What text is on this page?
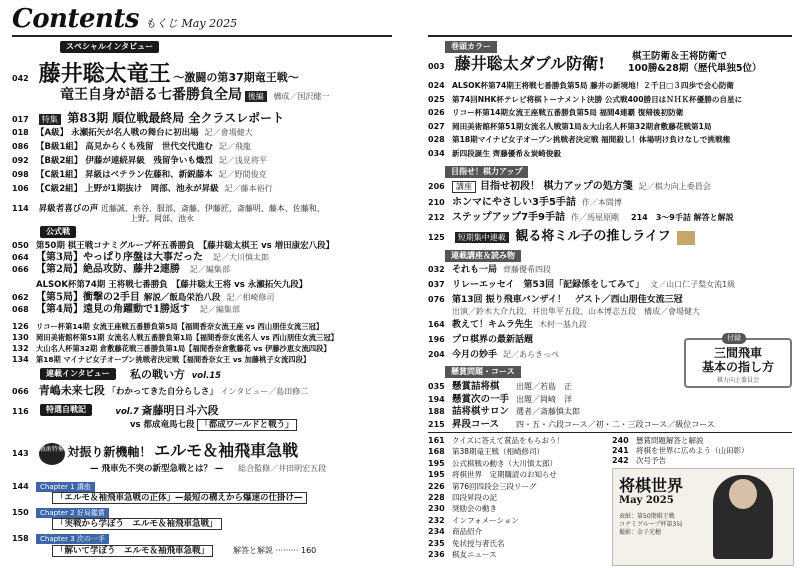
Contents もくじ May 2025
スペシャルインタビュー
042 藤井聡太竜王 〜激闘の第37期竜王戦〜
竜王自身が語る七番勝負全局 後編 構成／国沢健一
017 特集 第83期 順位戦最終局 全クラスレポート
114 昇級者喜びの声 近藤誠、糸谷、服部、斎藤、伊藤匠、斎藤明、藤本、佐藤和、
上野、岡部、池永
公式戦
連載インタビュー	私の戦い方 vol.15
066 青嶋未来七段 「わかってきた自分らしさ」 インタビュー／島田修二
特選自戦記
116	vol.7 斎藤明日斗六段
vs 都成竜馬七段 「都成ワールドと戦う」
143 戦術特集 対振り新機軸！ エルモ＆袖飛車急戦
— 飛車先不突の新型急戦とは？ — 総合監修／井田明宏五段
巻頭カラー
003 藤井聡太ダブル防衛!	棋王防衛＆王将防衛で
100勝&28期（歴代単独5位）
目指せ！棋力アップ
125 短期集中連載 観る将ミル子の推しライフ
連載講座＆読み物
付録
三間飛車
基本の指し方
棋力向上委員会
懸賞問題・コース
将棋世界
May 2025
表紙：第50期棋王戦
コナミグループ杯第3局
撮影：金子光穂
018 【A級】 永瀬拓矢が名人戦の舞台に初出場 記／會場健大
086 【B級1組】 高見からくも残留　世代交代進む 記／飛龍
092 【B級2組】 伊藤が連続昇級　残留争いも熾烈 記／浅見将平
098 【C級1組】 昇級はベテラン佐藤和、新鋭藤本 記／野間俊克
106 【C級2組】 上野が1期抜け　岡部、池永が昇級 記／藤本裕行
050 第50期 棋王戦コナミグループ杯五番勝負 【藤井聡太棋王 vs 増田康宏八段】
064 【第3局】やっぱり序盤は大事だった 記／大川慎太郎
066 【第2局】絶品攻防、藤井2連勝 記／編集部
ALSOK杯第74期 王将戦七番勝負 【藤井聡太王将 vs 永瀬拓矢九段】
062 【第5局】衝撃の2手目 解説／飯島栄治八段 記／相崎修司
068 【第4局】遠見の角躍動で1勝返す 記／編集部
126 リコー杯第14期 女流王座戦五番勝負第5局【福間香奈女流王座 vs 西山朋佳女流三冠】
130 岡田美術館杯第51期 女流名人戦五番勝負第1局【福間香奈女流名人 vs 西山朋佳女流三冠】
132 大山名人杯第32期 倉敷藤花戦三番勝負第1局【福間香奈倉敷藤花 vs 伊藤沙恵女流四段】
134 第18期 マイナビ女子オープン挑戦者決定戦【福間香奈女王 vs 加藤桃子女流四段】
144 Chapter 1 講座
「エルモ＆袖飛車急戦の正体」—最短の構えから爆速の仕掛け—
150 Chapter 2 好局鑑賞
「実戦から学ぼう　エルモ＆袖飛車急戦」
158 Chapter 3 次の一手
「解いて学ぼう　エルモ＆袖飛車急戦」	解答と解説 ········· 160
024 ALSOK杯第74期王将戦七番勝負第5局 藤井の新境地！２千日□３四歩で会心防衛
025 第74回NHK杯テレビ将棋トーナメント決勝 公式戦400勝目はＮＨＫ杯優勝の自星に
026 リコー杯第14期女流王座戦五番勝負第5局 福間4連覇 復帰後初防衛
027 岡田美術館杯第51期女流名人戦第1局＆大山名人杯第32期倉敷藤花戦第1局
028 第18期マイナビ女子オープン挑戦者決定戦 福間殺し！体場明け負けなしで挑戦権
034 新四段誕生 齊藤優希＆炭崎俊毅
206 講座 目指せ初段！ 棋力アップの処方箋 記／棋力向上委員会
210 ホンマにやさしい3手5手詰 作／本間博
212 ステップアップ7手9手詰 作／馬屋原剛 214　3〜9手詰 解答と解説
032 それも一局 齊藤優希四段
037 リレーエッセイ　第53回「記録係をしてみて」 文／山口仁子梨女流1級
076 第13回 振り飛車バンザイ！　ゲスト／西山朋佳女流三冠
出演／鈴木大介九段、井出隼平五段、山本博志五段　構成／會場健大
164 教えて！キムラ先生 木村一基九段
196 プロ棋界の最新話題
204 今月の妙手 記／あらきっぺ
035 懸賞詰将棋 出題／若島　正
194 懸賞次の一手 出題／岡崎　洋
188 詰将棋サロン 選者／斎藤慎太郎
215 昇段コース 四・五・六段コース／初・二・三段コース／級位コース
161 クイズに答えて賞品をもらおう！
168 第38期竜王戦（相崎修司）
195 公式棋戦の動き（大川慎太郎）
195 将棋世界　定期購読のお知らせ
226 第76回四段会三段リーグ
228 四段昇段の記
230 奨励会の動き
232 インフォメーション
234 商品紹介
235 免状授与者氏名
236 棋友ニュース
240 懸賞問題解答と解説
241 将棋を世界に広めよう（山田彰）
242 次号予告
